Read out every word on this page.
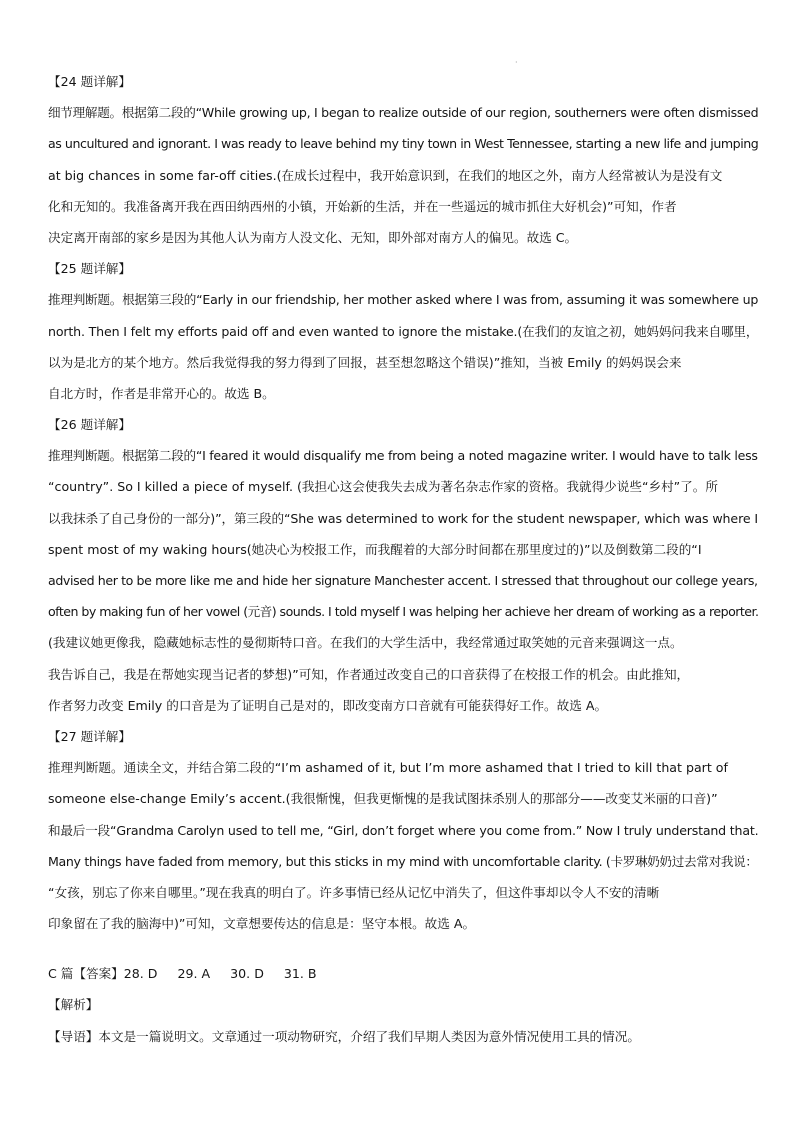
·
【24 题详解】
细节理解题。根据第二段的“While growing up, I began to realize outside of our region, southerners were often dismissed
as uncultured and ignorant. I was ready to leave behind my tiny town in West Tennessee, starting a new life and jumping
at big chances in some far-off cities.(在成长过程中，我开始意识到，在我们的地区之外，南方人经常被认为是没有文
化和无知的。我准备离开我在西田纳西州的小镇，开始新的生活，并在一些遥远的城市抓住大好机会)”可知，作者
决定离开南部的家乡是因为其他人认为南方人没文化、无知，即外部对南方人的偏见。故选 C。
【25 题详解】
推理判断题。根据第三段的“Early in our friendship, her mother asked where I was from, assuming it was somewhere up
north. Then I felt my efforts paid off and even wanted to ignore the mistake.(在我们的友谊之初，她妈妈问我来自哪里，
以为是北方的某个地方。然后我觉得我的努力得到了回报，甚至想忽略这个错误)”推知，当被 Emily 的妈妈误会来
自北方时，作者是非常开心的。故选 B。
【26 题详解】
推理判断题。根据第二段的“I feared it would disqualify me from being a noted magazine writer. I would have to talk less
“country”. So I killed a piece of myself. (我担心这会使我失去成为著名杂志作家的资格。我就得少说些“乡村”了。所
以我抹杀了自己身份的一部分)”，第三段的“She was determined to work for the student newspaper, which was where I
spent most of my waking hours(她决心为校报工作，而我醒着的大部分时间都在那里度过的)”以及倒数第二段的“I
advised her to be more like me and hide her signature Manchester accent. I stressed that throughout our college years,
often by making fun of her vowel (元音) sounds. I told myself I was helping her achieve her dream of working as a reporter.
(我建议她更像我，隐藏她标志性的曼彻斯特口音。在我们的大学生活中，我经常通过取笑她的元音来强调这一点。
我告诉自己，我是在帮她实现当记者的梦想)”可知，作者通过改变自己的口音获得了在校报工作的机会。由此推知，
作者努力改变 Emily 的口音是为了证明自己是对的，即改变南方口音就有可能获得好工作。故选 A。
【27 题详解】
推理判断题。通读全文，并结合第二段的“I’m ashamed of it, but I’m more ashamed that I tried to kill that part of
someone else-change Emily’s accent.(我很惭愧，但我更惭愧的是我试图抹杀别人的那部分——改变艾米丽的口音)”
和最后一段“Grandma Carolyn used to tell me, “Girl, don’t forget where you come from.” Now I truly understand that.
Many things have faded from memory, but this sticks in my mind with uncomfortable clarity. (卡罗琳奶奶过去常对我说：
“女孩，别忘了你来自哪里。”现在我真的明白了。许多事情已经从记忆中消失了，但这件事却以令人不安的清晰
印象留在了我的脑海中)”可知，文章想要传达的信息是：坚守本根。故选 A。
C 篇【答案】28. D 29. A 30. D 31. B
【解析】
【导语】本文是一篇说明文。文章通过一项动物研究，介绍了我们早期人类因为意外情况使用工具的情况。
